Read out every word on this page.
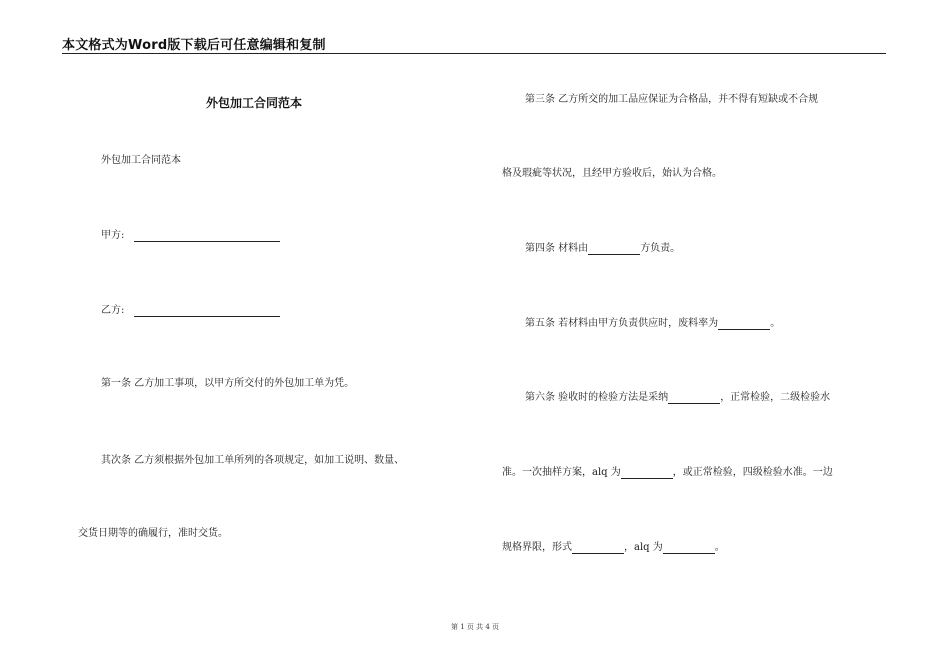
本文格式为Word版下载后可任意编辑和复制
外包加工合同范本
外包加工合同范本
甲方:
乙方:
第一条 乙方加工事项，以甲方所交付的外包加工单为凭。
其次条 乙方须根据外包加工单所列的各项规定，如加工说明、数量、
交货日期等的确履行，准时交货。
第三条 乙方所交的加工品应保证为合格品，并不得有短缺或不合规
格及瑕疵等状况，且经甲方验收后，始认为合格。
第四条 材料由	方负责。
第五条 若材料由甲方负责供应时，废料率为	。
第六条 验收时的检验方法是采纳	，正常检验，二级检验水
准。一次抽样方案，alq 为	，或正常检验，四级检验水准。一边
规格界限，形式	，alq 为	。
第 1 页 共 4 页
